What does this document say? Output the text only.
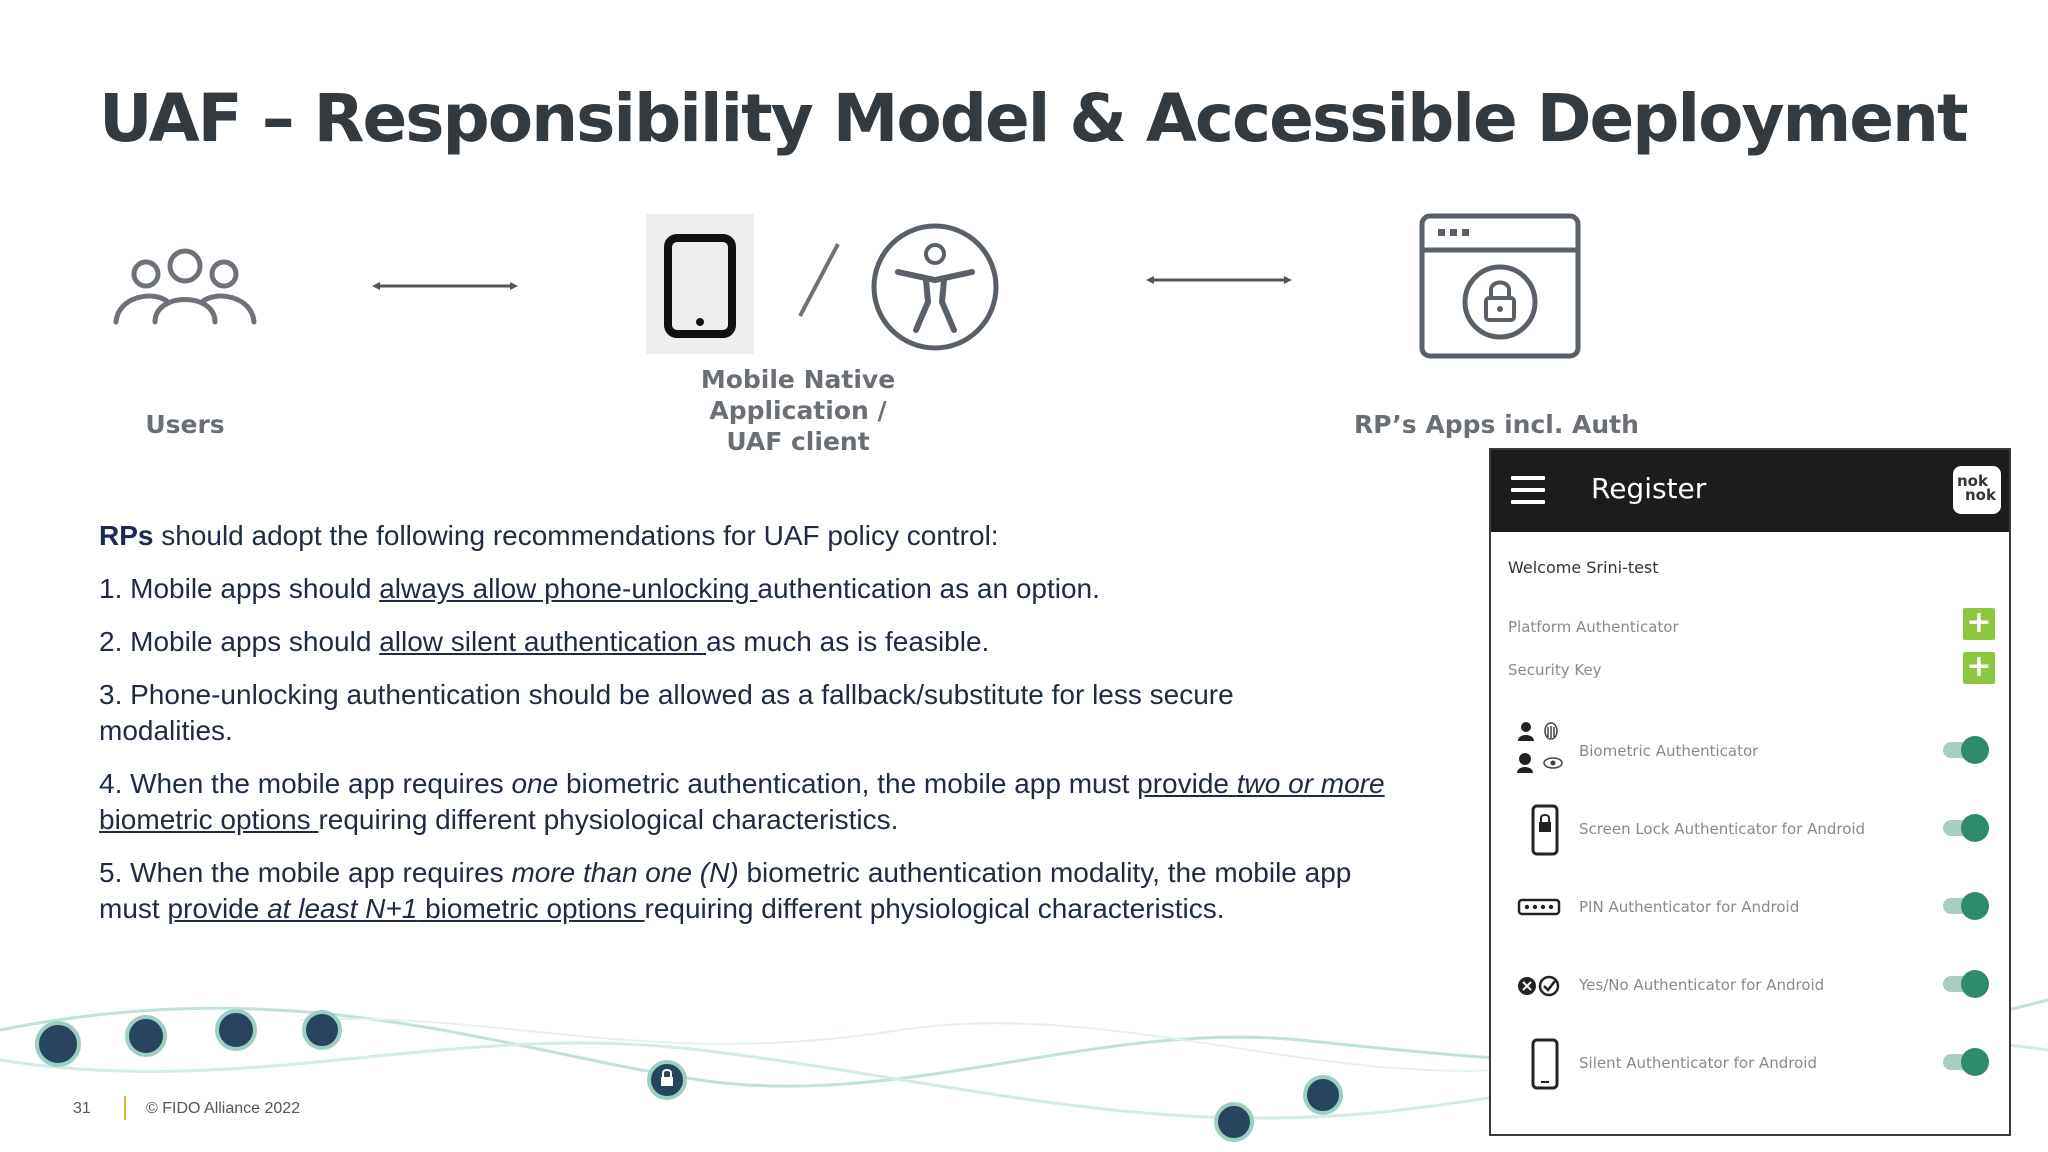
UAF – Responsibility Model & Accessible Deployment
Users
Mobile Native
Application /
UAF client
RP’s Apps incl. Auth

RPs should adopt the following recommendations for UAF policy control:

1. Mobile apps should always allow phone-unlocking authentication as an option.

2. Mobile apps should allow silent authentication as much as is feasible.

3. Phone-unlocking authentication should be allowed as a fallback/substitute for less secure modalities.

4. When the mobile app requires one biometric authentication, the mobile app must provide two or more biometric options requiring different physiological characteristics.

5. When the mobile app requires more than one (N) biometric authentication modality, the mobile app must provide at least N+1 biometric options requiring different physiological characteristics.

Register	nok
nok
Welcome Srini-test
Platform Authenticator	+
Security Key	+
Biometric Authenticator
Screen Lock Authenticator for Android
PIN Authenticator for Android
Yes/No Authenticator for Android
Silent Authenticator for Android
31	© FIDO Alliance 2022
